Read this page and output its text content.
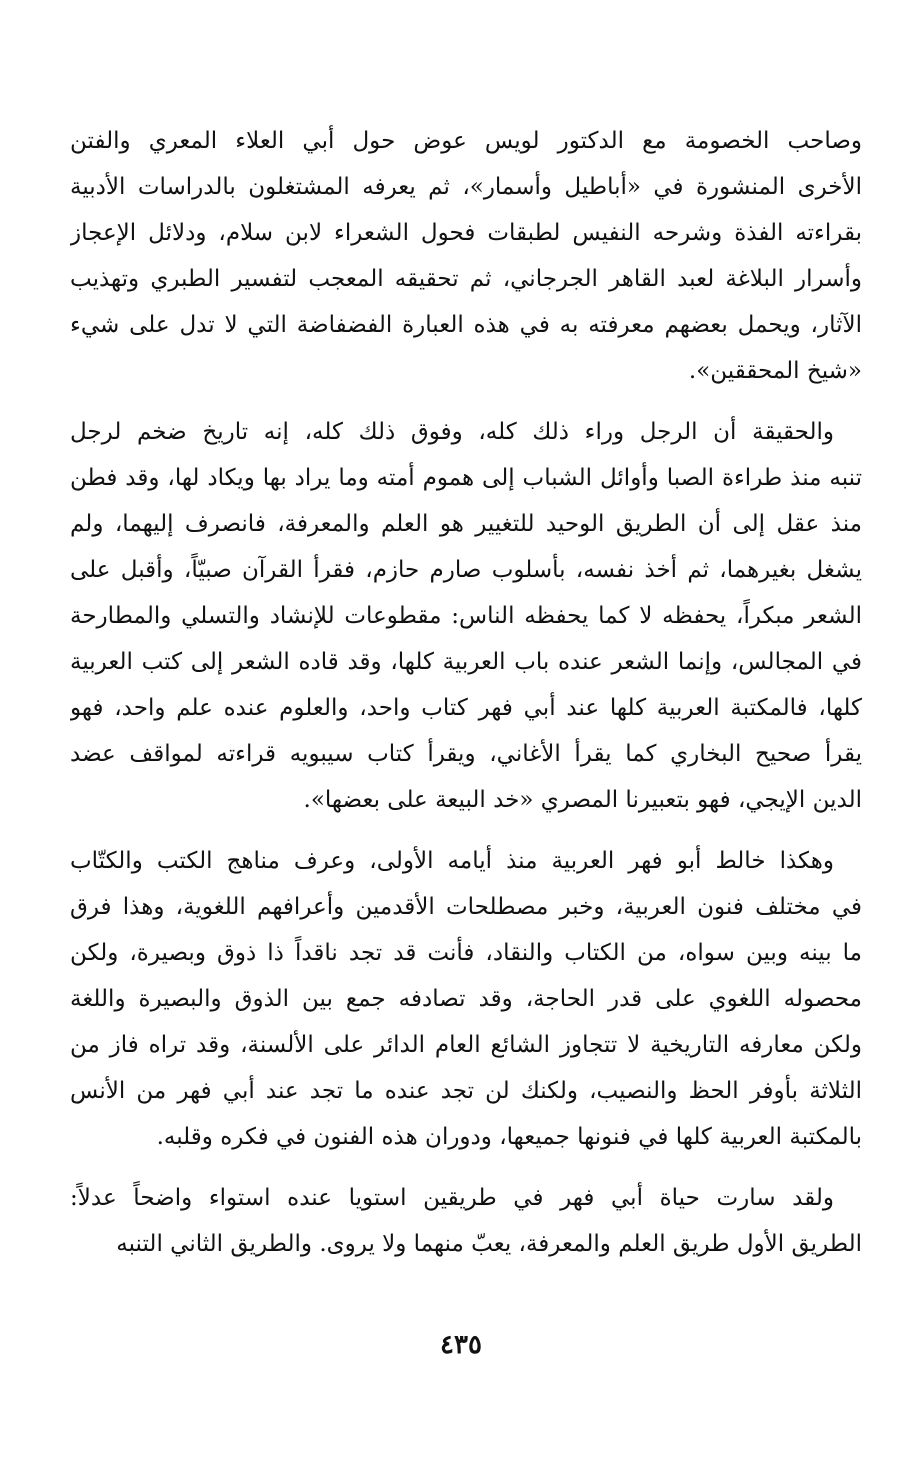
وصاحب الخصومة مع الدكتور لويس عوض حول أبي العلاء المعري والفتن
الأخرى المنشورة في «أباطيل وأسمار»، ثم يعرفه المشتغلون بالدراسات الأدبية
بقراءته الفذة وشرحه النفيس لطبقات فحول الشعراء لابن سلام، ودلائل الإعجاز
وأسرار البلاغة لعبد القاهر الجرجاني، ثم تحقيقه المعجب لتفسير الطبري وتهذيب
الآثار، ويحمل بعضهم معرفته به في هذه العبارة الفضفاضة التي لا تدل على شيء
«شيخ المحققين».
والحقيقة أن الرجل وراء ذلك كله، وفوق ذلك كله، إنه تاريخ ضخم لرجل
تنبه منذ طراءة الصبا وأوائل الشباب إلى هموم أمته وما يراد بها ويكاد لها، وقد فطن
منذ عقل إلى أن الطريق الوحيد للتغيير هو العلم والمعرفة، فانصرف إليهما، ولم
يشغل بغيرهما، ثم أخذ نفسه، بأسلوب صارم حازم، فقرأ القرآن صبيّاً، وأقبل على
الشعر مبكراً، يحفظه لا كما يحفظه الناس: مقطوعات للإنشاد والتسلي والمطارحة
في المجالس، وإنما الشعر عنده باب العربية كلها، وقد قاده الشعر إلى كتب العربية
كلها، فالمكتبة العربية كلها عند أبي فهر كتاب واحد، والعلوم عنده علم واحد، فهو
يقرأ صحيح البخاري كما يقرأ الأغاني، ويقرأ كتاب سيبويه قراءته لمواقف عضد
الدين الإيجي، فهو بتعبيرنا المصري «خد البيعة على بعضها».
وهكذا خالط أبو فهر العربية منذ أيامه الأولى، وعرف مناهج الكتب والكتّاب
في مختلف فنون العربية، وخبر مصطلحات الأقدمين وأعرافهم اللغوية، وهذا فرق
ما بينه وبين سواه، من الكتاب والنقاد، فأنت قد تجد ناقداً ذا ذوق وبصيرة، ولكن
محصوله اللغوي على قدر الحاجة، وقد تصادفه جمع بين الذوق والبصيرة واللغة
ولكن معارفه التاريخية لا تتجاوز الشائع العام الدائر على الألسنة، وقد تراه فاز من
الثلاثة بأوفر الحظ والنصيب، ولكنك لن تجد عنده ما تجد عند أبي فهر من الأنس
بالمكتبة العربية كلها في فنونها جميعها، ودوران هذه الفنون في فكره وقلبه.
ولقد سارت حياة أبي فهر في طريقين استويا عنده استواء واضحاً عدلاً:
الطريق الأول طريق العلم والمعرفة، يعبّ منهما ولا يروى. والطريق الثاني التنبه
٤٣٥
